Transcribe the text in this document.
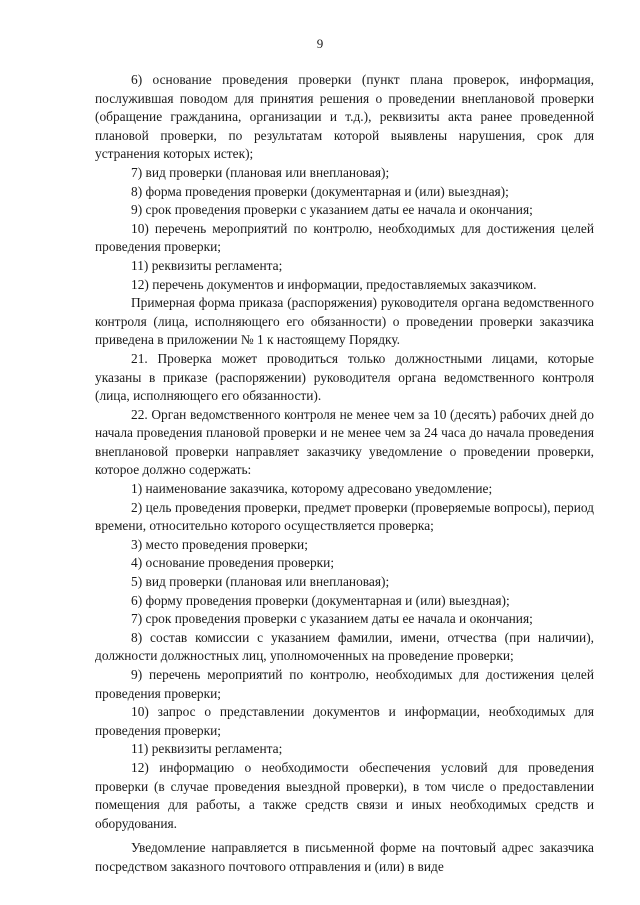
9

6) основание проведения проверки (пункт плана проверок, информация, послужившая поводом для принятия решения о проведении внеплановой проверки (обращение гражданина, организации и т.д.), реквизиты акта ранее проведенной плановой проверки, по результатам которой выявлены нарушения, срок для устранения которых истек);

7) вид проверки (плановая или внеплановая);

8) форма проведения проверки (документарная и (или) выездная);

9) срок проведения проверки с указанием даты ее начала и окончания;

10) перечень мероприятий по контролю, необходимых для достижения целей проведения проверки;

11) реквизиты регламента;

12) перечень документов и информации, предоставляемых заказчиком.

Примерная форма приказа (распоряжения) руководителя органа ведомственного контроля (лица, исполняющего его обязанности) о проведении проверки заказчика приведена в приложении № 1 к настоящему Порядку.

21. Проверка может проводиться только должностными лицами, которые указаны в приказе (распоряжении) руководителя органа ведомственного контроля (лица, исполняющего его обязанности).

22. Орган ведомственного контроля не менее чем за 10 (десять) рабочих дней до начала проведения плановой проверки и не менее чем за 24 часа до начала проведения внеплановой проверки направляет заказчику уведомление о проведении проверки, которое должно содержать:

1) наименование заказчика, которому адресовано уведомление;

2) цель проведения проверки, предмет проверки (проверяемые вопросы), период времени, относительно которого осуществляется проверка;

3) место проведения проверки;

4) основание проведения проверки;

5) вид проверки (плановая или внеплановая);

6) форму проведения проверки (документарная и (или) выездная);

7) срок проведения проверки с указанием даты ее начала и окончания;

8) состав комиссии с указанием фамилии, имени, отчества (при наличии), должности должностных лиц, уполномоченных на проведение проверки;

9) перечень мероприятий по контролю, необходимых для достижения целей проведения проверки;

10) запрос о представлении документов и информации, необходимых для проведения проверки;

11) реквизиты регламента;

12) информацию о необходимости обеспечения условий для проведения проверки (в случае проведения выездной проверки), в том числе о предоставлении помещения для работы, а также средств связи и иных необходимых средств и оборудования.

Уведомление направляется в письменной форме на почтовый адрес заказчика посредством заказного почтового отправления и (или) в виде
